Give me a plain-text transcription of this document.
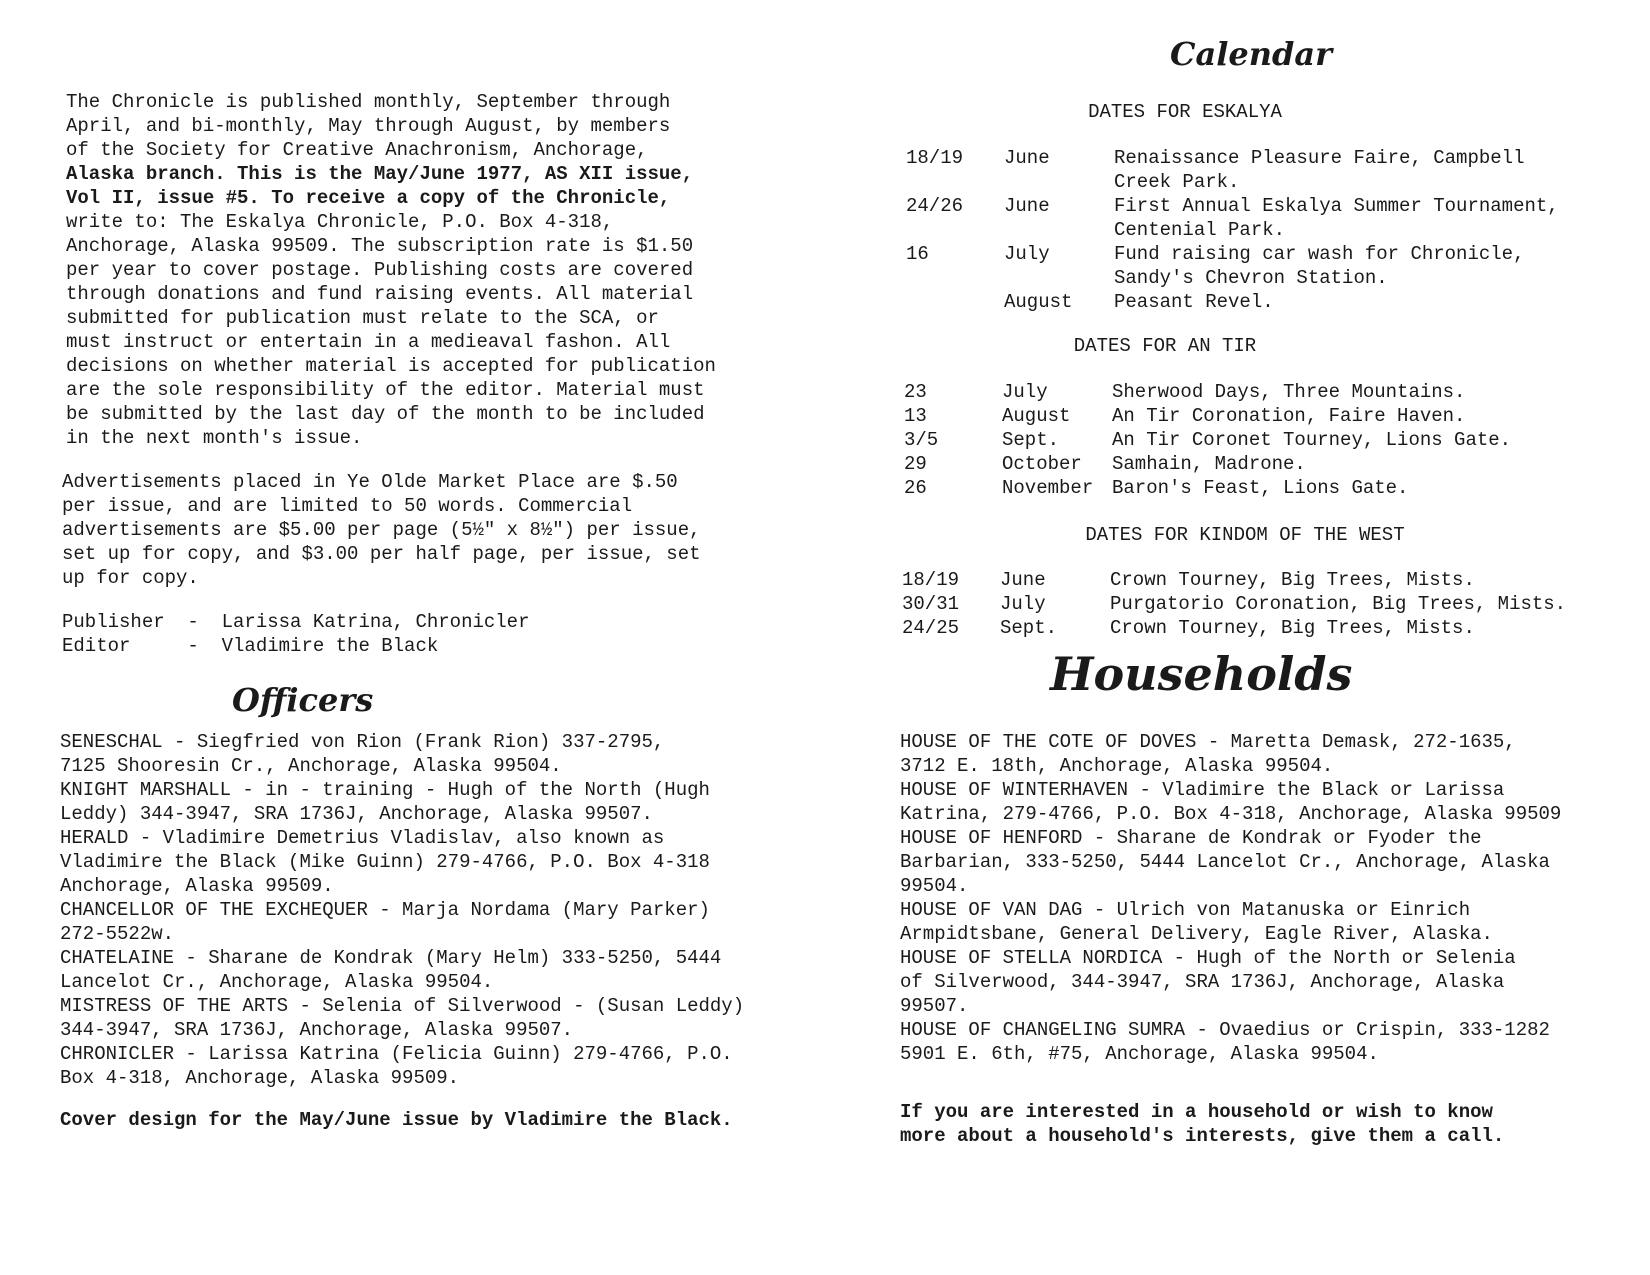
The Chronicle is published monthly, September through

April, and bi-monthly, May through August, by members

of the Society for Creative Anachronism, Anchorage,

Alaska branch. This is the May/June 1977, AS XII issue,

Vol II, issue #5. To receive a copy of the Chronicle,

write to: The Eskalya Chronicle, P.O. Box 4-318,

Anchorage, Alaska 99509. The subscription rate is $1.50

per year to cover postage. Publishing costs are covered

through donations and fund raising events. All material

submitted for publication must relate to the SCA, or

must instruct or entertain in a medieaval fashon. All

decisions on whether material is accepted for publication

are the sole responsibility of the editor. Material must

be submitted by the last day of the month to be included

in the next month's issue.

Advertisements placed in Ye Olde Market Place are $.50

per issue, and are limited to 50 words. Commercial

advertisements are $5.00 per page (5½" x 8½") per issue,

set up for copy, and $3.00 per half page, per issue, set

up for copy.

Publisher  -  Larissa Katrina, Chronicler

Editor     -  Vladimire the Black

Officers

SENESCHAL - Siegfried von Rion (Frank Rion) 337-2795,

7125 Shooresin Cr., Anchorage, Alaska 99504.

KNIGHT MARSHALL - in - training - Hugh of the North (Hugh

Leddy) 344-3947, SRA 1736J, Anchorage, Alaska 99507.

HERALD - Vladimire Demetrius Vladislav, also known as

Vladimire the Black (Mike Guinn) 279-4766, P.O. Box 4-318

Anchorage, Alaska 99509.

CHANCELLOR OF THE EXCHEQUER - Marja Nordama (Mary Parker)

272-5522w.

CHATELAINE - Sharane de Kondrak (Mary Helm) 333-5250, 5444

Lancelot Cr., Anchorage, Alaska 99504.

MISTRESS OF THE ARTS - Selenia of Silverwood - (Susan Leddy)

344-3947, SRA 1736J, Anchorage, Alaska 99507.

CHRONICLER - Larissa Katrina (Felicia Guinn) 279-4766, P.O.

Box 4-318, Anchorage, Alaska 99509.

Cover design for the May/June issue by Vladimire the Black.

Calendar
DATES FOR ESKALYA
18/19	June	Renaissance Pleasure Faire, Campbell
Creek Park.
24/26	June	First Annual Eskalya Summer Tournament,
Centenial Park.
16	July	Fund raising car wash for Chronicle,
Sandy's Chevron Station.
	August	Peasant Revel.
DATES FOR AN TIR
23	July	Sherwood Days, Three Mountains.
13	August	An Tir Coronation, Faire Haven.
3/5	Sept.	An Tir Coronet Tourney, Lions Gate.
29	October	Samhain, Madrone.
26	November	Baron's Feast, Lions Gate.
DATES FOR KINDOM OF THE WEST
18/19	June	Crown Tourney, Big Trees, Mists.
30/31	July	Purgatorio Coronation, Big Trees, Mists.
24/25	Sept.	Crown Tourney, Big Trees, Mists.
Households

HOUSE OF THE COTE OF DOVES - Maretta Demask, 272-1635,

3712 E. 18th, Anchorage, Alaska 99504.

HOUSE OF WINTERHAVEN - Vladimire the Black or Larissa

Katrina, 279-4766, P.O. Box 4-318, Anchorage, Alaska 99509

HOUSE OF HENFORD - Sharane de Kondrak or Fyoder the

Barbarian, 333-5250, 5444 Lancelot Cr., Anchorage, Alaska

99504.

HOUSE OF VAN DAG - Ulrich von Matanuska or Einrich

Armpidtsbane, General Delivery, Eagle River, Alaska.

HOUSE OF STELLA NORDICA - Hugh of the North or Selenia

of Silverwood, 344-3947, SRA 1736J, Anchorage, Alaska

99507.

HOUSE OF CHANGELING SUMRA - Ovaedius or Crispin, 333-1282

5901 E. 6th, #75, Anchorage, Alaska 99504.

If you are interested in a household or wish to know

more about a household's interests, give them a call.
